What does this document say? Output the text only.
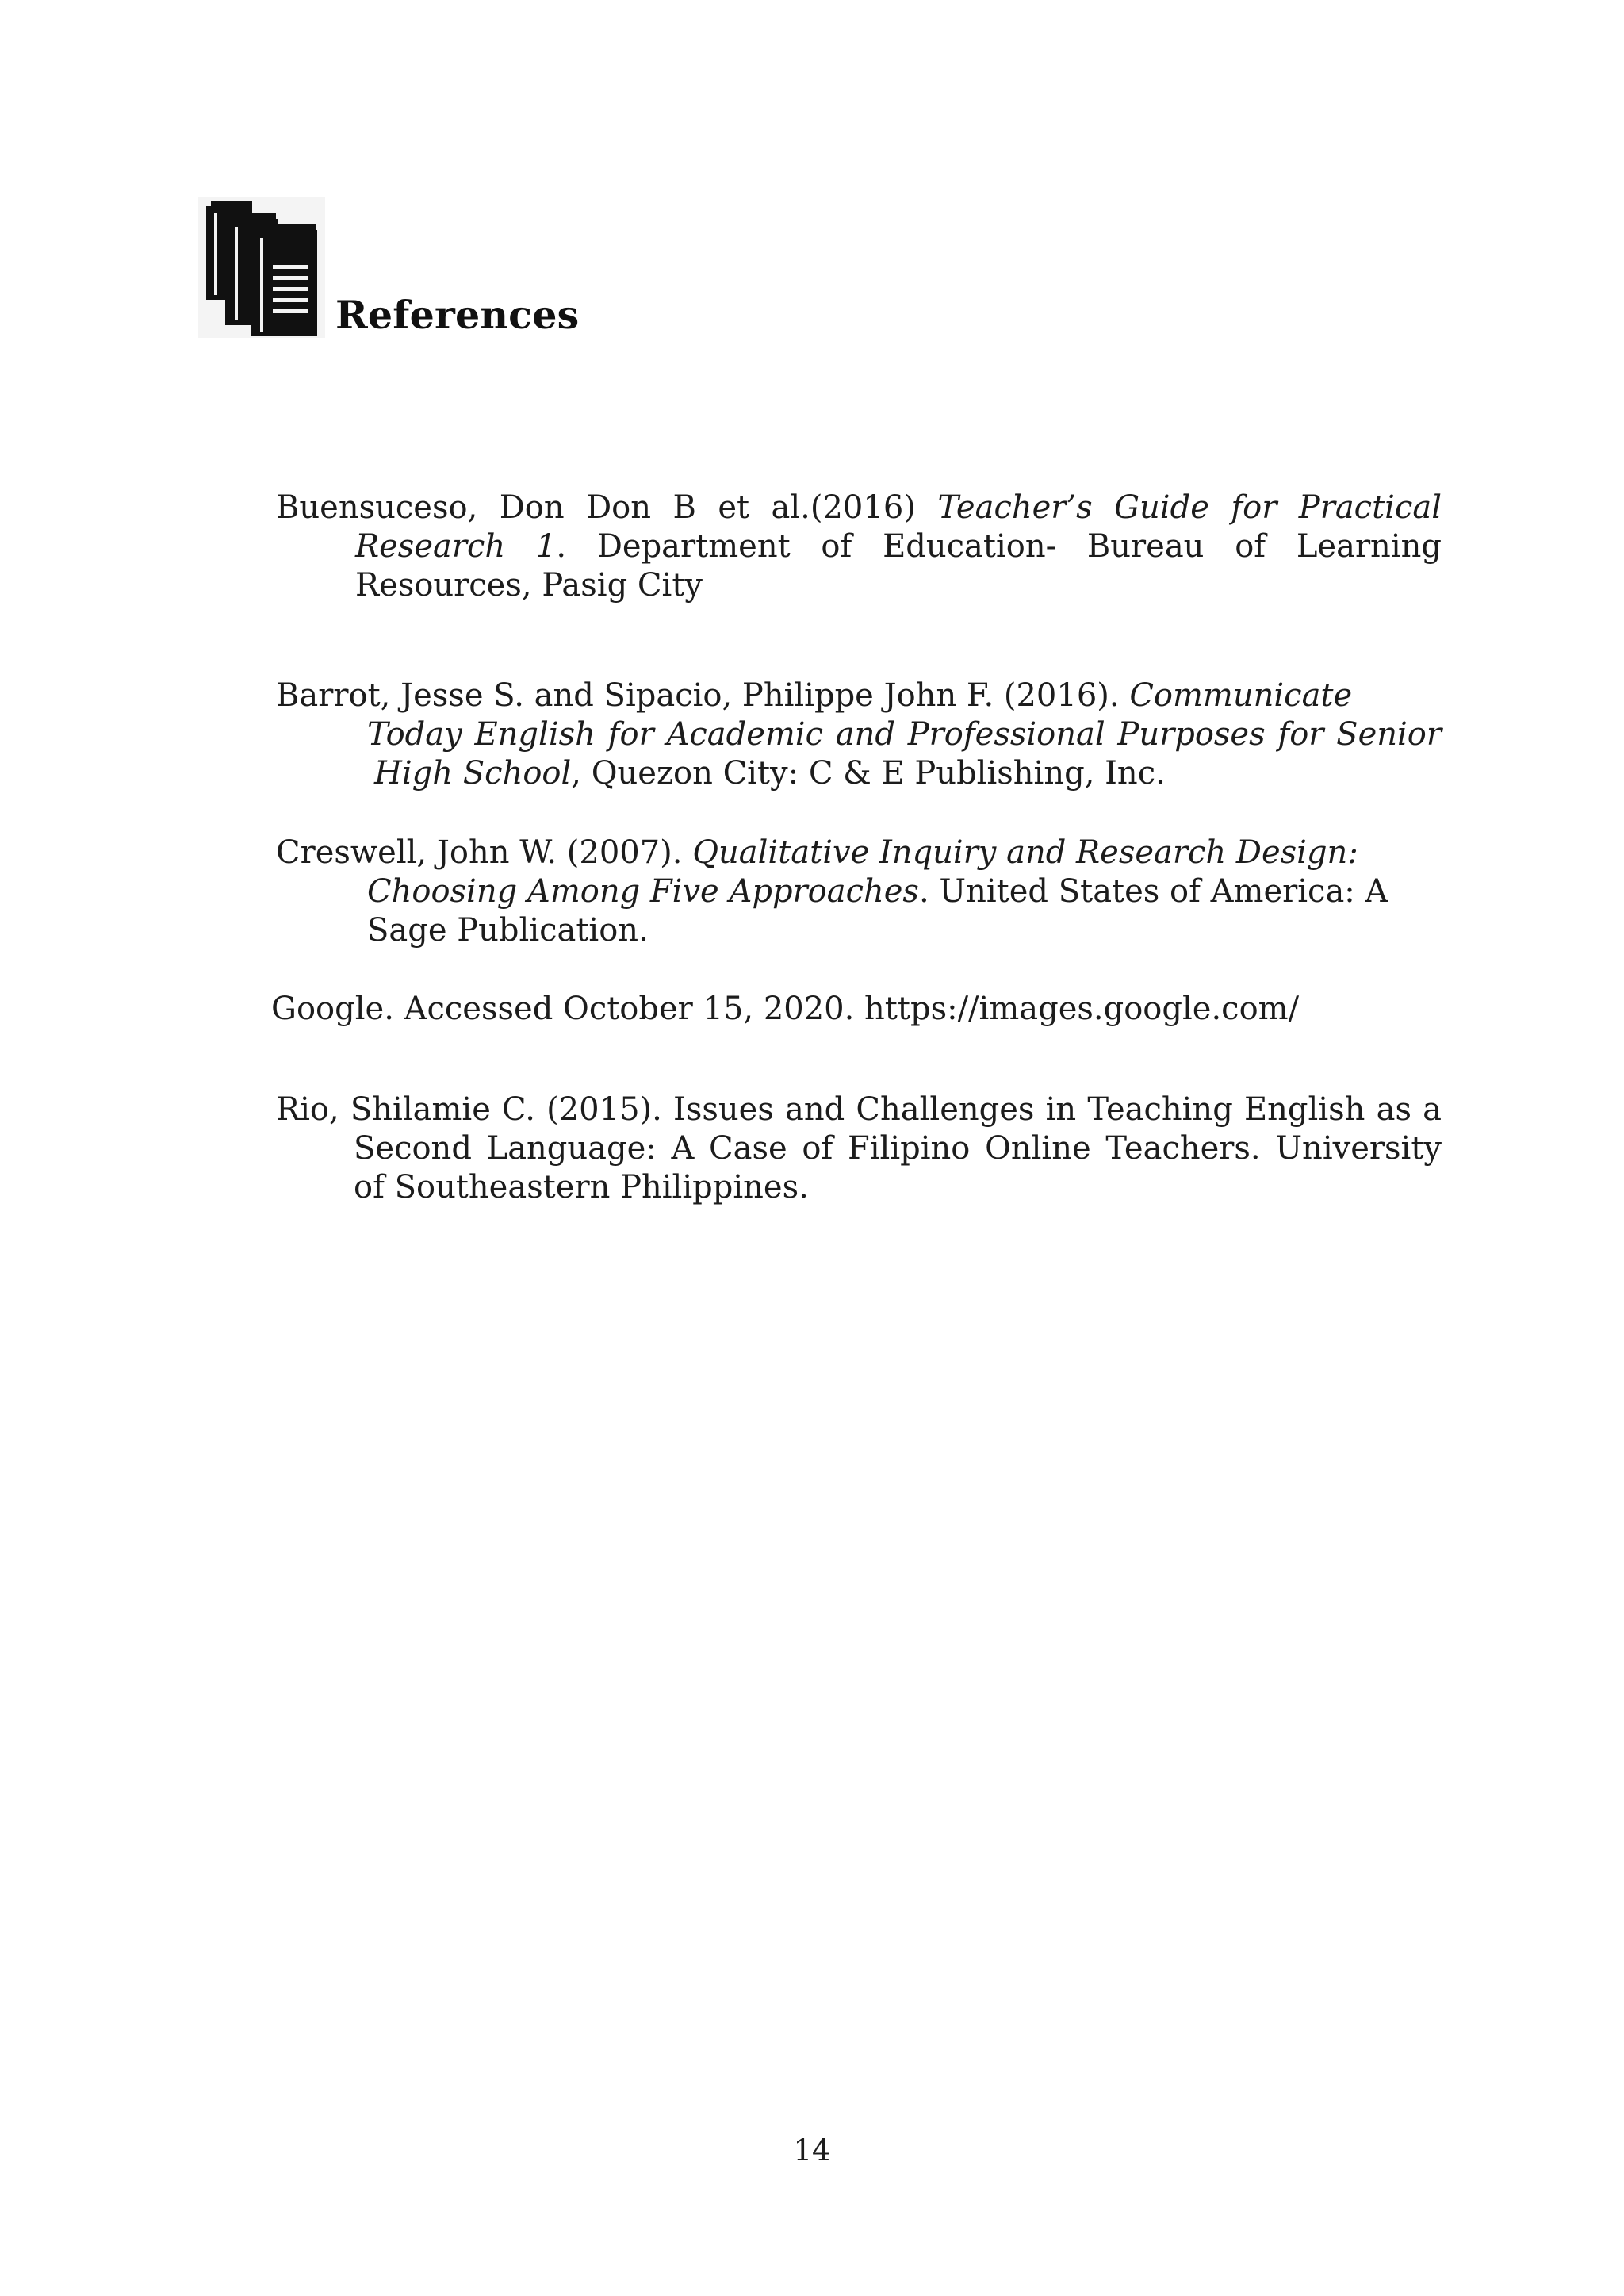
References
Buensuceso, Don Don B et al.(2016) Teacher’s Guide for Practical
Research 1. Department of Education- Bureau of Learning
Resources, Pasig City
Barrot, Jesse S. and Sipacio, Philippe John F. (2016). Communicate
Today English for Academic and Professional Purposes for Senior
High School, Quezon City: C & E Publishing, Inc.
Creswell, John W. (2007). Qualitative Inquiry and Research Design:
Choosing Among Five Approaches. United States of America: A
Sage Publication.
Google. Accessed October 15, 2020. https://images.google.com/
Rio, Shilamie C. (2015). Issues and Challenges in Teaching English as a
Second Language: A Case of Filipino Online Teachers. University
of Southeastern Philippines.
14
